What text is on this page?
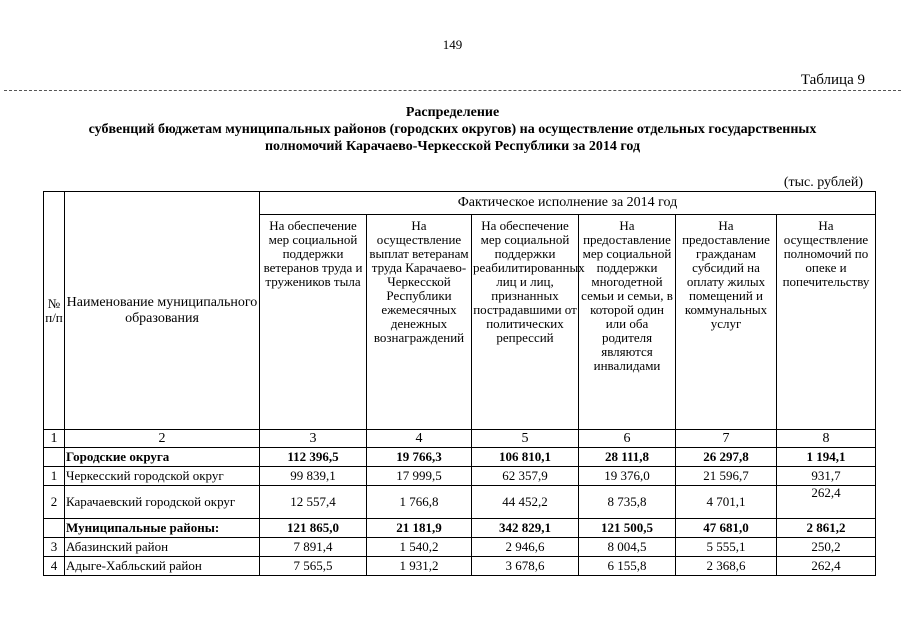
149
Таблица 9
Распределение
субвенций бюджетам муниципальных районов (городских округов) на осуществление отдельных государственных
полномочий Карачаево-Черкесской Республики за 2014 год
(тыс. рублей)
№ п/п	Наименование муниципального образования	Фактическое исполнение за 2014 год					
		На обеспечение мер социальной поддержки ветеранов труда и тружеников тыла	На осуществление выплат ветеранам труда Карачаево-Черкесской Республики ежемесячных денежных вознаграждений	На обеспечение мер социальной поддержки реабилитированных лиц и лиц, признанных пострадавшими от политических репрессий	На предоставление мер социальной поддержки многодетной семьи и семьи, в которой один или оба родителя являются инвалидами	На предоставление гражданам субсидий на оплату жилых помещений и коммунальных услуг	На осуществление полномочий по опеке и попечительству
1	2	3	4	5	6	7	8
	Городские округа	112 396,5	19 766,3	106 810,1	28 111,8	26 297,8	1 194,1
1	Черкесский городской округ	99 839,1	17 999,5	62 357,9	19 376,0	21 596,7	931,7
2	Карачаевский городской округ	12 557,4	1 766,8	44 452,2	8 735,8	4 701,1	262,4
	Муниципальные районы:	121 865,0	21 181,9	342 829,1	121 500,5	47 681,0	2 861,2
3	Абазинский район	7 891,4	1 540,2	2 946,6	8 004,5	5 555,1	250,2
4	Адыге-Хабльский район	7 565,5	1 931,2	3 678,6	6 155,8	2 368,6	262,4
